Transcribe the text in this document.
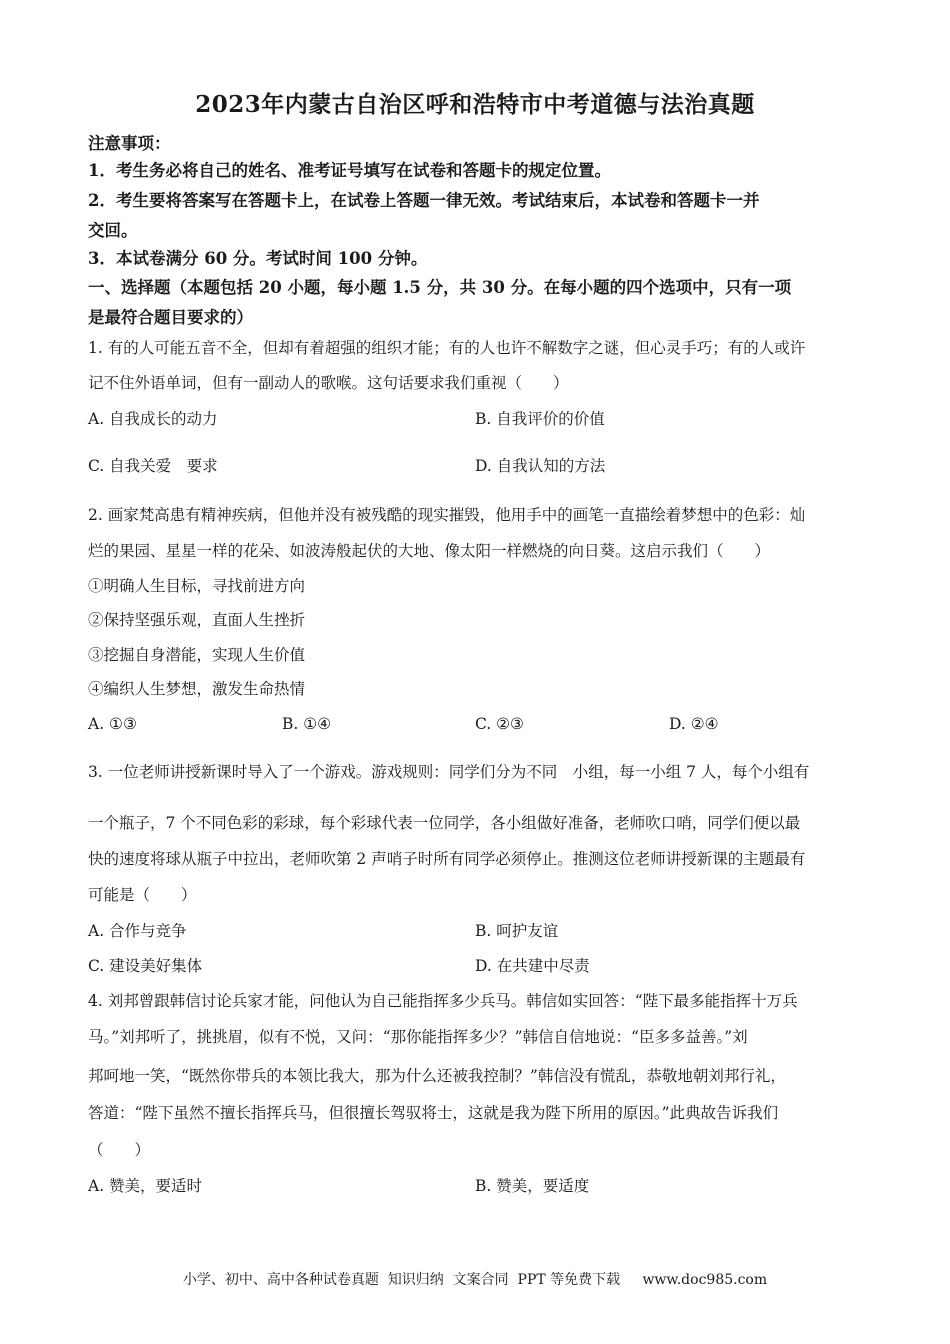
2023年内蒙古自治区呼和浩特市中考道德与法治真题
注意事项：
1．考生务必将自己的姓名、准考证号填写在试卷和答题卡的规定位置。
2．考生要将答案写在答题卡上，在试卷上答题一律无效。考试结束后，本试卷和答题卡一并
交回。
3．本试卷满分 60 分。考试时间 100 分钟。
一、选择题（本题包括 20 小题，每小题 1.5 分，共 30 分。在每小题的四个选项中，只有一项
是最符合题目要求的）
1. 有的人可能五音不全，但却有着超强的组织才能；有的人也许不解数字之谜，但心灵手巧；有的人或许
记不住外语单词，但有一副动人的歌喉。这句话要求我们重视（　　）
A. 自我成长的动力	B. 自我评价的价值
C. 自我关爱　要求	D. 自我认知的方法
2. 画家梵高患有精神疾病，但他并没有被残酷的现实摧毁，他用手中的画笔一直描绘着梦想中的色彩：灿
烂的果园、星星一样的花朵、如波涛般起伏的大地、像太阳一样燃烧的向日葵。这启示我们（　　）
①明确人生目标，寻找前进方向
②保持坚强乐观，直面人生挫折
③挖掘自身潜能，实现人生价值
④编织人生梦想，激发生命热情
A. ①③	B. ①④	C. ②③	D. ②④
3. 一位老师讲授新课时导入了一个游戏。游戏规则：同学们分为不同　小组，每一小组 7 人，每个小组有
一个瓶子，7 个不同色彩的彩球，每个彩球代表一位同学，各小组做好准备，老师吹口哨，同学们便以最
快的速度将球从瓶子中拉出，老师吹第 2 声哨子时所有同学必须停止。推测这位老师讲授新课的主题最有
可能是（　　）
A. 合作与竞争	B. 呵护友谊
C. 建设美好集体	D. 在共建中尽责
4. 刘邦曾跟韩信讨论兵家才能，问他认为自己能指挥多少兵马。韩信如实回答：“陛下最多能指挥十万兵
马。”刘邦听了，挑挑眉，似有不悦，又问：“那你能指挥多少？”韩信自信地说：“臣多多益善。”刘
邦呵地一笑，“既然你带兵的本领比我大，那为什么还被我控制？”韩信没有慌乱，恭敬地朝刘邦行礼，
答道：“陛下虽然不擅长指挥兵马，但很擅长驾驭将士，这就是我为陛下所用的原因。”此典故告诉我们
（　　）
A. 赞美，要适时	B. 赞美，要适度
小学、初中、高中各种试卷真题  知识归纳  文案合同  PPT 等免费下载     www.doc985.com
